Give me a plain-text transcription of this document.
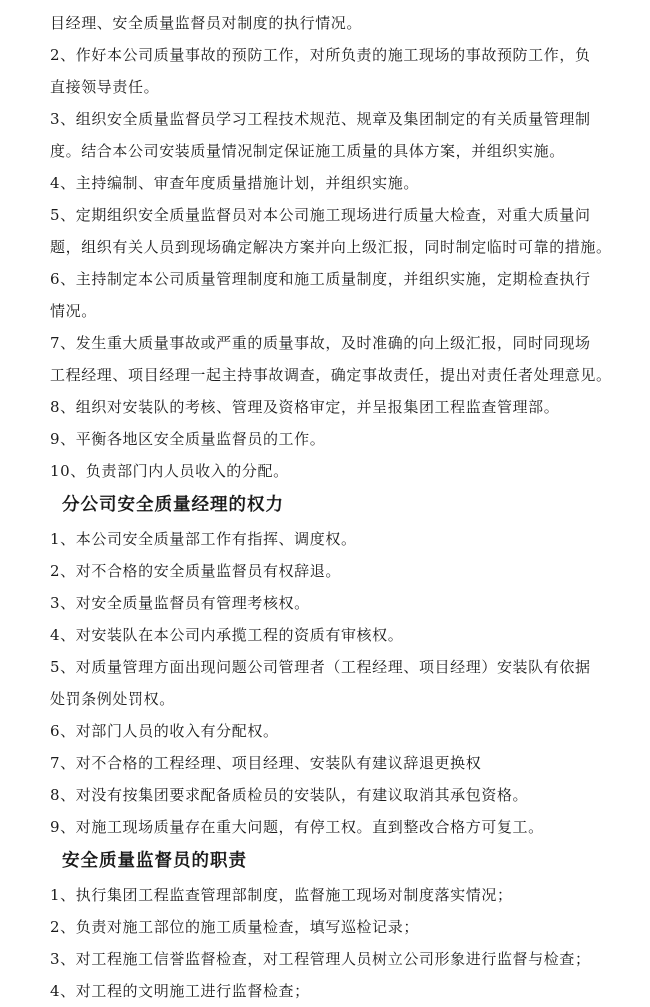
目经理、安全质量监督员对制度的执行情况。

2、作好本公司质量事故的预防工作，对所负责的施工现场的事故预防工作，负
直接领导责任。

3、组织安全质量监督员学习工程技术规范、规章及集团制定的有关质量管理制
度。结合本公司安装质量情况制定保证施工质量的具体方案，并组织实施。

4、主持编制、审查年度质量措施计划，并组织实施。

5、定期组织安全质量监督员对本公司施工现场进行质量大检查，对重大质量问
题，组织有关人员到现场确定解决方案并向上级汇报，同时制定临时可靠的措施。

6、主持制定本公司质量管理制度和施工质量制度，并组织实施，定期检查执行
情况。

7、发生重大质量事故或严重的质量事故，及时准确的向上级汇报，同时同现场
工程经理、项目经理一起主持事故调查，确定事故责任，提出对责任者处理意见。

8、组织对安装队的考核、管理及资格审定，并呈报集团工程监查管理部。

9、平衡各地区安全质量监督员的工作。

10、负责部门内人员收入的分配。

分公司安全质量经理的权力

1、本公司安全质量部工作有指挥、调度权。

2、对不合格的安全质量监督员有权辞退。

3、对安全质量监督员有管理考核权。

4、对安装队在本公司内承揽工程的资质有审核权。

5、对质量管理方面出现问题公司管理者（工程经理、项目经理）安装队有依据
处罚条例处罚权。

6、对部门人员的收入有分配权。

7、对不合格的工程经理、项目经理、安装队有建议辞退更换权

8、对没有按集团要求配备质检员的安装队，有建议取消其承包资格。

9、对施工现场质量存在重大问题，有停工权。直到整改合格方可复工。

安全质量监督员的职责

1、执行集团工程监查管理部制度，监督施工现场对制度落实情况；

2、负责对施工部位的施工质量检查，填写巡检记录；

3、对工程施工信誉监督检查，对工程管理人员树立公司形象进行监督与检查；

4、对工程的文明施工进行监督检查；
